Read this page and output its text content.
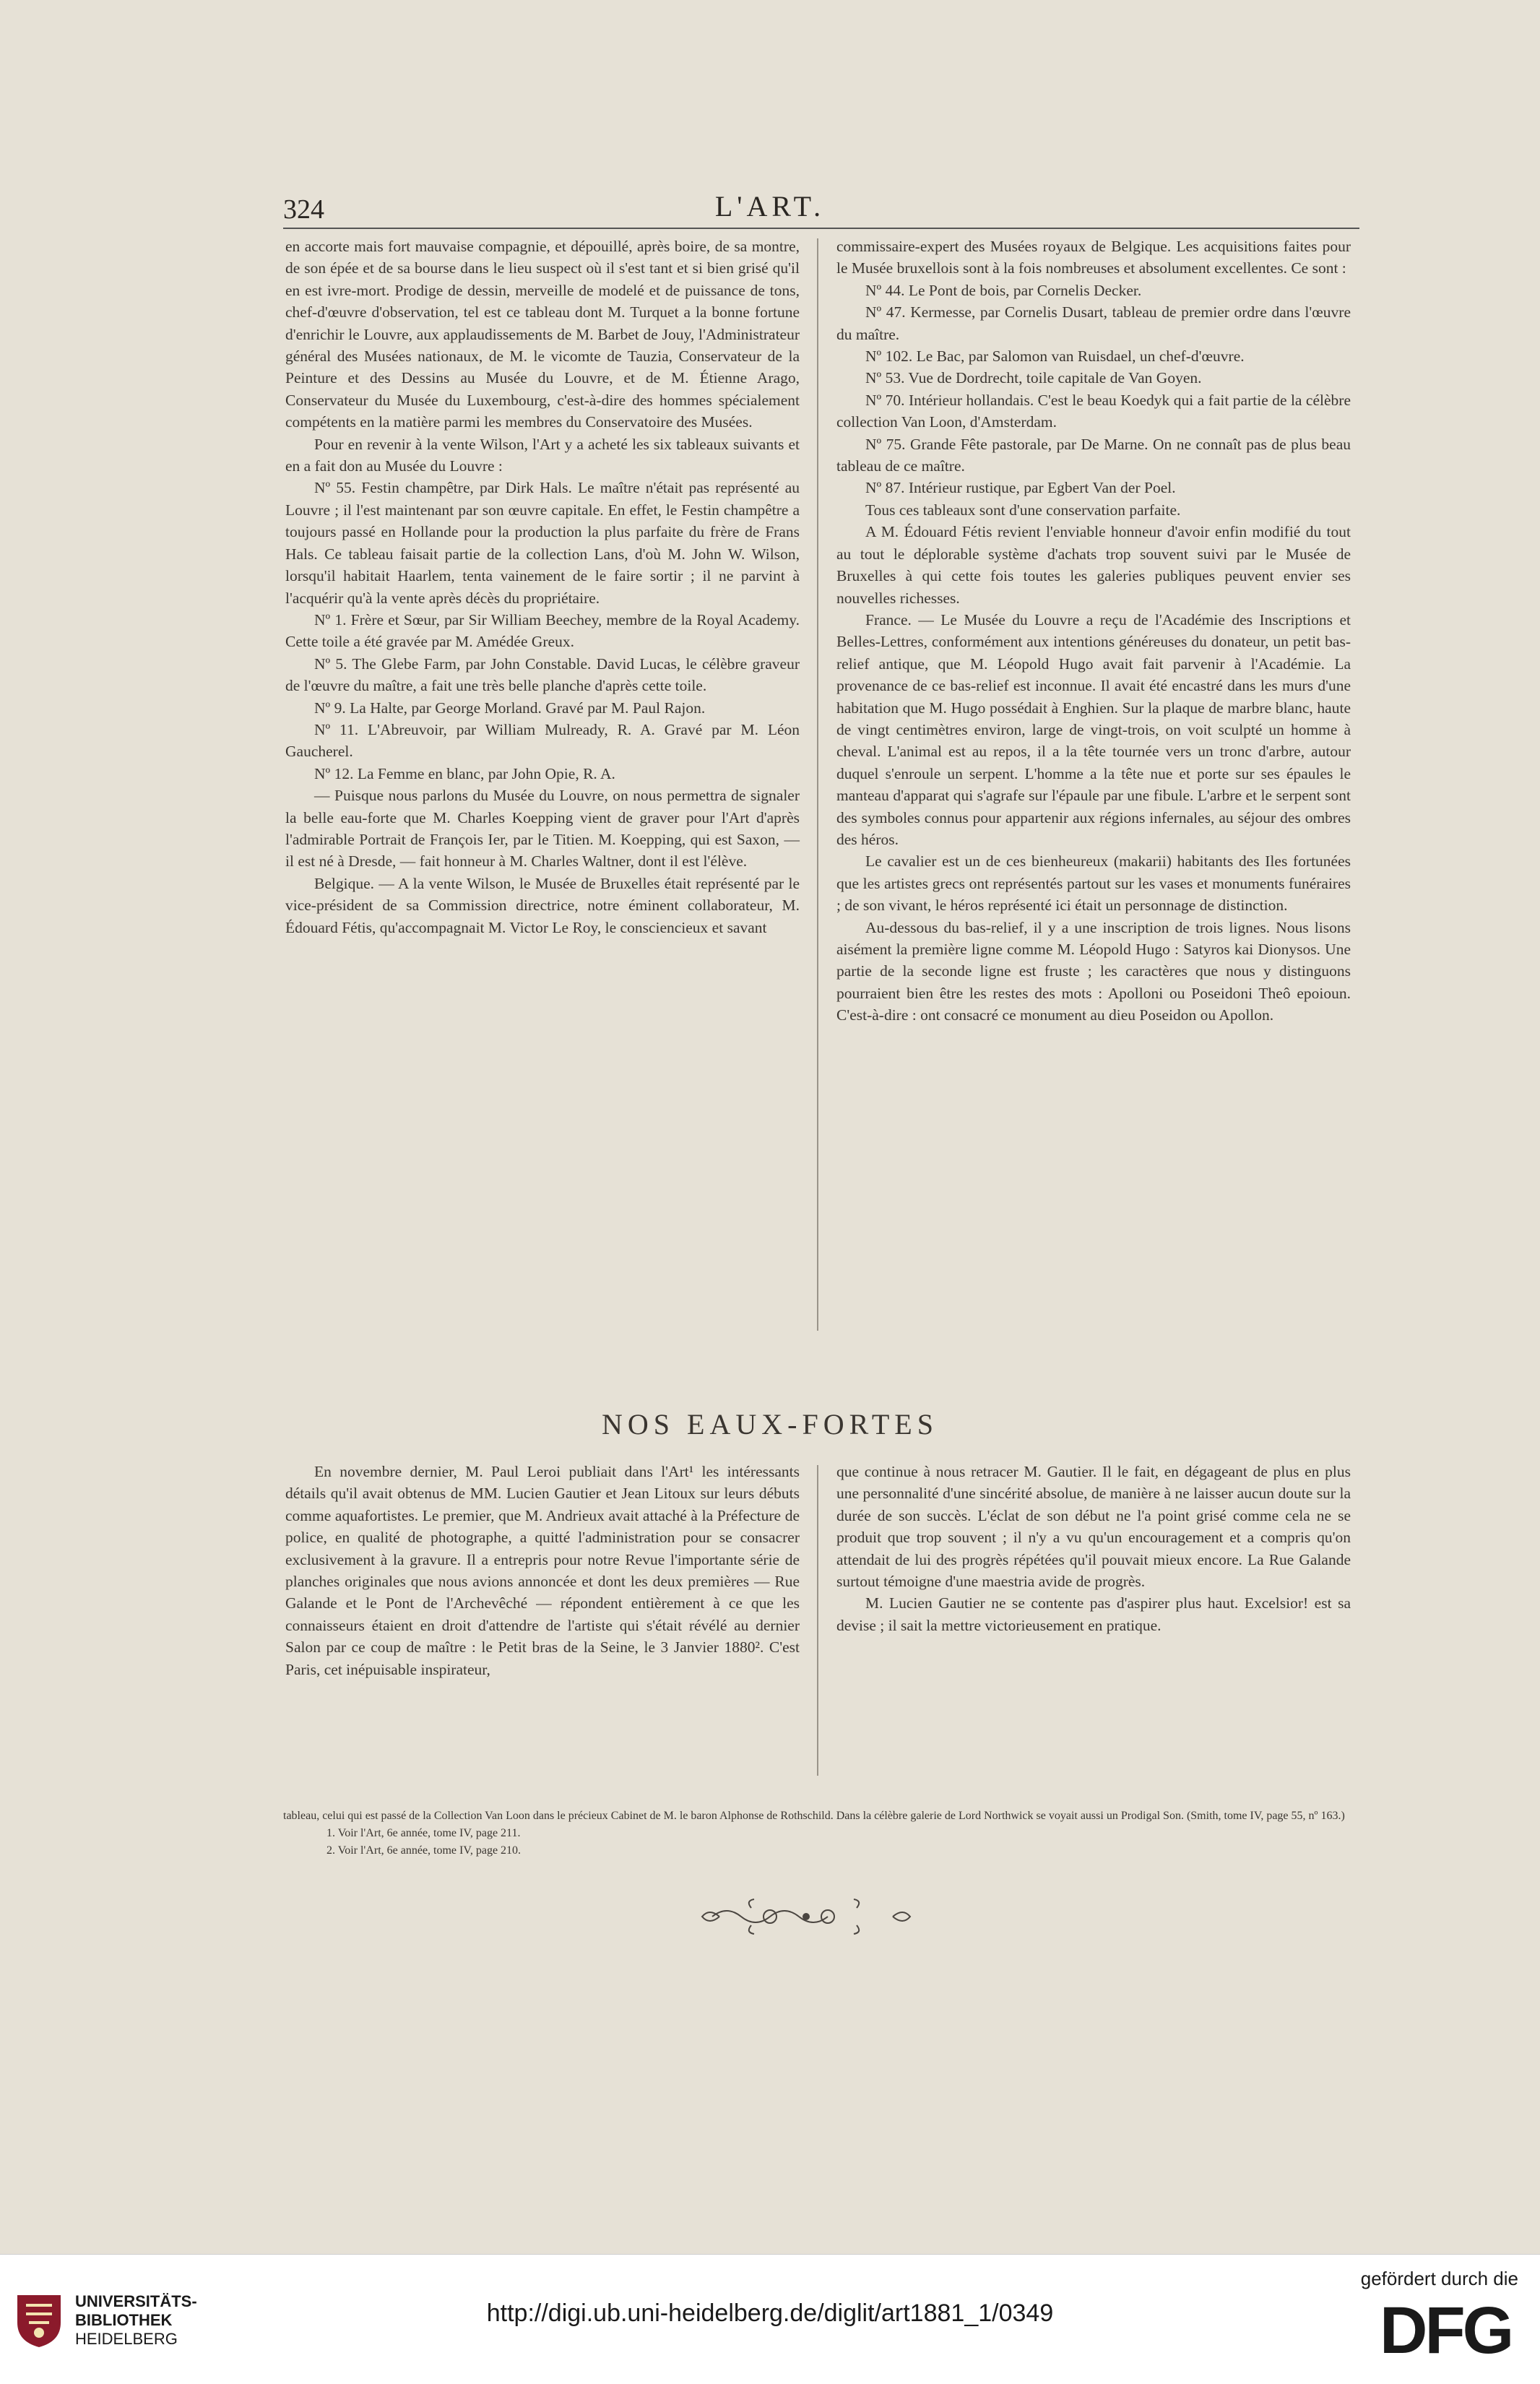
324	L'ART.

en accorte mais fort mauvaise compagnie, et dépouillé, après boire, de sa montre, de son épée et de sa bourse dans le lieu suspect où il s'est tant et si bien grisé qu'il en est ivre-mort. Prodige de dessin, merveille de modelé et de puissance de tons, chef-d'œuvre d'observation, tel est ce tableau dont M. Turquet a la bonne fortune d'enrichir le Louvre, aux applaudissements de M. Barbet de Jouy, l'Administrateur général des Musées nationaux, de M. le vicomte de Tauzia, Conservateur de la Peinture et des Dessins au Musée du Louvre, et de M. Étienne Arago, Conservateur du Musée du Luxembourg, c'est-à-dire des hommes spécialement compétents en la matière parmi les membres du Conservatoire des Musées.

Pour en revenir à la vente Wilson, l'Art y a acheté les six tableaux suivants et en a fait don au Musée du Louvre :

Nº 55. Festin champêtre, par Dirk Hals. Le maître n'était pas représenté au Louvre ; il l'est maintenant par son œuvre capitale. En effet, le Festin champêtre a toujours passé en Hollande pour la production la plus parfaite du frère de Frans Hals. Ce tableau faisait partie de la collection Lans, d'où M. John W. Wilson, lorsqu'il habitait Haarlem, tenta vainement de le faire sortir ; il ne parvint à l'acquérir qu'à la vente après décès du propriétaire.

Nº 1. Frère et Sœur, par Sir William Beechey, membre de la Royal Academy. Cette toile a été gravée par M. Amédée Greux.

Nº 5. The Glebe Farm, par John Constable. David Lucas, le célèbre graveur de l'œuvre du maître, a fait une très belle planche d'après cette toile.

Nº 9. La Halte, par George Morland. Gravé par M. Paul Rajon.

Nº 11. L'Abreuvoir, par William Mulready, R. A. Gravé par M. Léon Gaucherel.

Nº 12. La Femme en blanc, par John Opie, R. A.

— Puisque nous parlons du Musée du Louvre, on nous permettra de signaler la belle eau-forte que M. Charles Koepping vient de graver pour l'Art d'après l'admirable Portrait de François Ier, par le Titien. M. Koepping, qui est Saxon, — il est né à Dresde, — fait honneur à M. Charles Waltner, dont il est l'élève.

Belgique. — A la vente Wilson, le Musée de Bruxelles était représenté par le vice-président de sa Commission directrice, notre éminent collaborateur, M. Édouard Fétis, qu'accompagnait M. Victor Le Roy, le consciencieux et savant

commissaire-expert des Musées royaux de Belgique. Les acquisitions faites pour le Musée bruxellois sont à la fois nombreuses et absolument excellentes. Ce sont :

Nº 44. Le Pont de bois, par Cornelis Decker.

Nº 47. Kermesse, par Cornelis Dusart, tableau de premier ordre dans l'œuvre du maître.

Nº 102. Le Bac, par Salomon van Ruisdael, un chef-d'œuvre.

Nº 53. Vue de Dordrecht, toile capitale de Van Goyen.

Nº 70. Intérieur hollandais. C'est le beau Koedyk qui a fait partie de la célèbre collection Van Loon, d'Amsterdam.

Nº 75. Grande Fête pastorale, par De Marne. On ne connaît pas de plus beau tableau de ce maître.

Nº 87. Intérieur rustique, par Egbert Van der Poel.

Tous ces tableaux sont d'une conservation parfaite.

A M. Édouard Fétis revient l'enviable honneur d'avoir enfin modifié du tout au tout le déplorable système d'achats trop souvent suivi par le Musée de Bruxelles à qui cette fois toutes les galeries publiques peuvent envier ses nouvelles richesses.

France. — Le Musée du Louvre a reçu de l'Académie des Inscriptions et Belles-Lettres, conformément aux intentions généreuses du donateur, un petit bas-relief antique, que M. Léopold Hugo avait fait parvenir à l'Académie. La provenance de ce bas-relief est inconnue. Il avait été encastré dans les murs d'une habitation que M. Hugo possédait à Enghien. Sur la plaque de marbre blanc, haute de vingt centimètres environ, large de vingt-trois, on voit sculpté un homme à cheval. L'animal est au repos, il a la tête tournée vers un tronc d'arbre, autour duquel s'enroule un serpent. L'homme a la tête nue et porte sur ses épaules le manteau d'apparat qui s'agrafe sur l'épaule par une fibule. L'arbre et le serpent sont des symboles connus pour appartenir aux régions infernales, au séjour des ombres des héros.

Le cavalier est un de ces bienheureux (makarii) habitants des Iles fortunées que les artistes grecs ont représentés partout sur les vases et monuments funéraires ; de son vivant, le héros représenté ici était un personnage de distinction.

Au-dessous du bas-relief, il y a une inscription de trois lignes. Nous lisons aisément la première ligne comme M. Léopold Hugo : Satyros kai Dionysos. Une partie de la seconde ligne est fruste ; les caractères que nous y distinguons pourraient bien être les restes des mots : Apolloni ou Poseidoni Theô epoioun. C'est-à-dire : ont consacré ce monument au dieu Poseidon ou Apollon.

NOS EAUX-FORTES

En novembre dernier, M. Paul Leroi publiait dans l'Art¹ les intéressants détails qu'il avait obtenus de MM. Lucien Gautier et Jean Litoux sur leurs débuts comme aquafortistes. Le premier, que M. Andrieux avait attaché à la Préfecture de police, en qualité de photographe, a quitté l'administration pour se consacrer exclusivement à la gravure. Il a entrepris pour notre Revue l'importante série de planches originales que nous avions annoncée et dont les deux premières — Rue Galande et le Pont de l'Archevêché — répondent entièrement à ce que les connaisseurs étaient en droit d'attendre de l'artiste qui s'était révélé au dernier Salon par ce coup de maître : le Petit bras de la Seine, le 3 Janvier 1880². C'est Paris, cet inépuisable inspirateur,

que continue à nous retracer M. Gautier. Il le fait, en dégageant de plus en plus une personnalité d'une sincérité absolue, de manière à ne laisser aucun doute sur la durée de son succès. L'éclat de son début ne l'a point grisé comme cela ne se produit que trop souvent ; il n'y a vu qu'un encouragement et a compris qu'on attendait de lui des progrès répétées qu'il pouvait mieux encore. La Rue Galande surtout témoigne d'une maestria avide de progrès.

M. Lucien Gautier ne se contente pas d'aspirer plus haut. Excelsior! est sa devise ; il sait la mettre victorieusement en pratique.

tableau, celui qui est passé de la Collection Van Loon dans le précieux Cabinet de M. le baron Alphonse de Rothschild. Dans la célèbre galerie de Lord Northwick se voyait aussi un Prodigal Son. (Smith, tome IV, page 55, nº 163.)

1. Voir l'Art, 6e année, tome IV, page 211.

2. Voir l'Art, 6e année, tome IV, page 210.

UNIVERSITÄTS-
BIBLIOTHEK
HEIDELBERG
http://digi.ub.uni-heidelberg.de/diglit/art1881_1/0349
gefördert durch die
DFG
